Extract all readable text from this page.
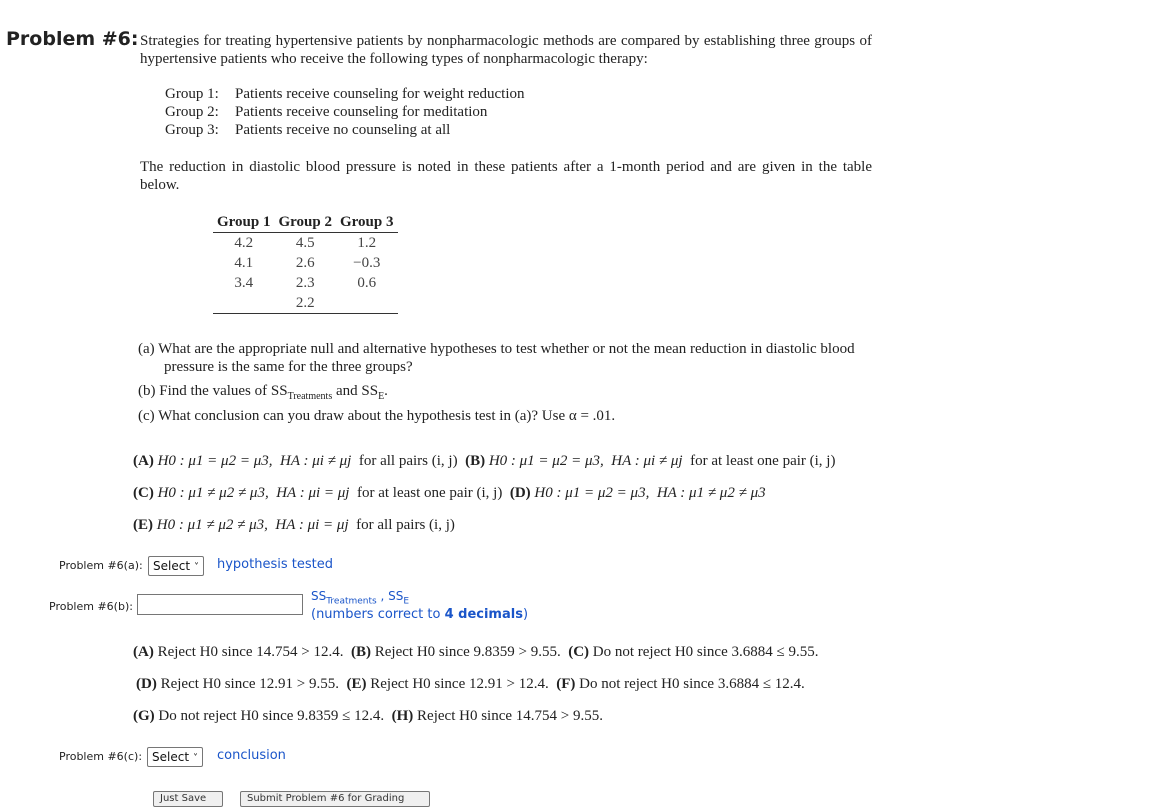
Problem #6: Strategies for treating hypertensive patients by nonpharmacologic methods are compared by establishing three groups of hypertensive patients who receive the following types of nonpharmacologic therapy:
Group 1: Patients receive counseling for weight reduction
Group 2: Patients receive counseling for meditation
Group 3: Patients receive no counseling at all
The reduction in diastolic blood pressure is noted in these patients after a 1-month period and are given in the table below.
Group 1	Group 2	Group 3
4.2	4.5	1.2
4.1	2.6	−0.3
3.4	2.3	0.6
	2.2	
(a) What are the appropriate null and alternative hypotheses to test whether or not the mean reduction in diastolic blood pressure is the same for the three groups?
(b) Find the values of $SS_{Treatments}$ and $SS_E$.
(c) What conclusion can you draw about the hypothesis test in (a)? Use α = .01.
(A) H0 : μ1 = μ2 = μ3, HA : μi ≠ μj for all pairs (i, j) (B) H0 : μ1 = μ2 = μ3, HA : μi ≠ μj for at least one pair (i, j)
(C) H0 : μ1 ≠ μ2 ≠ μ3, HA : μi = μj for at least one pair (i, j) (D) H0 : μ1 = μ2 = μ3, HA : μ1 ≠ μ2 ≠ μ3
(E) H0 : μ1 ≠ μ2 ≠ μ3, HA : μi = μj for all pairs (i, j)
Problem #6(a): Select ˅	hypothesis tested
Problem #6(b):
$SS_{Treatments}$ , $SS_E$
(numbers correct to 4 decimals)
(A) Reject H0 since 14.754 > 12.4. (B) Reject H0 since 9.8359 > 9.55. (C) Do not reject H0 since 3.6884 ≤ 9.55.
(D) Reject H0 since 12.91 > 9.55. (E) Reject H0 since 12.91 > 12.4. (F) Do not reject H0 since 3.6884 ≤ 12.4.
(G) Do not reject H0 since 9.8359 ≤ 12.4. (H) Reject H0 since 14.754 > 9.55.
Problem #6(c): Select ˅	conclusion
Just Save	Submit Problem #6 for Grading
